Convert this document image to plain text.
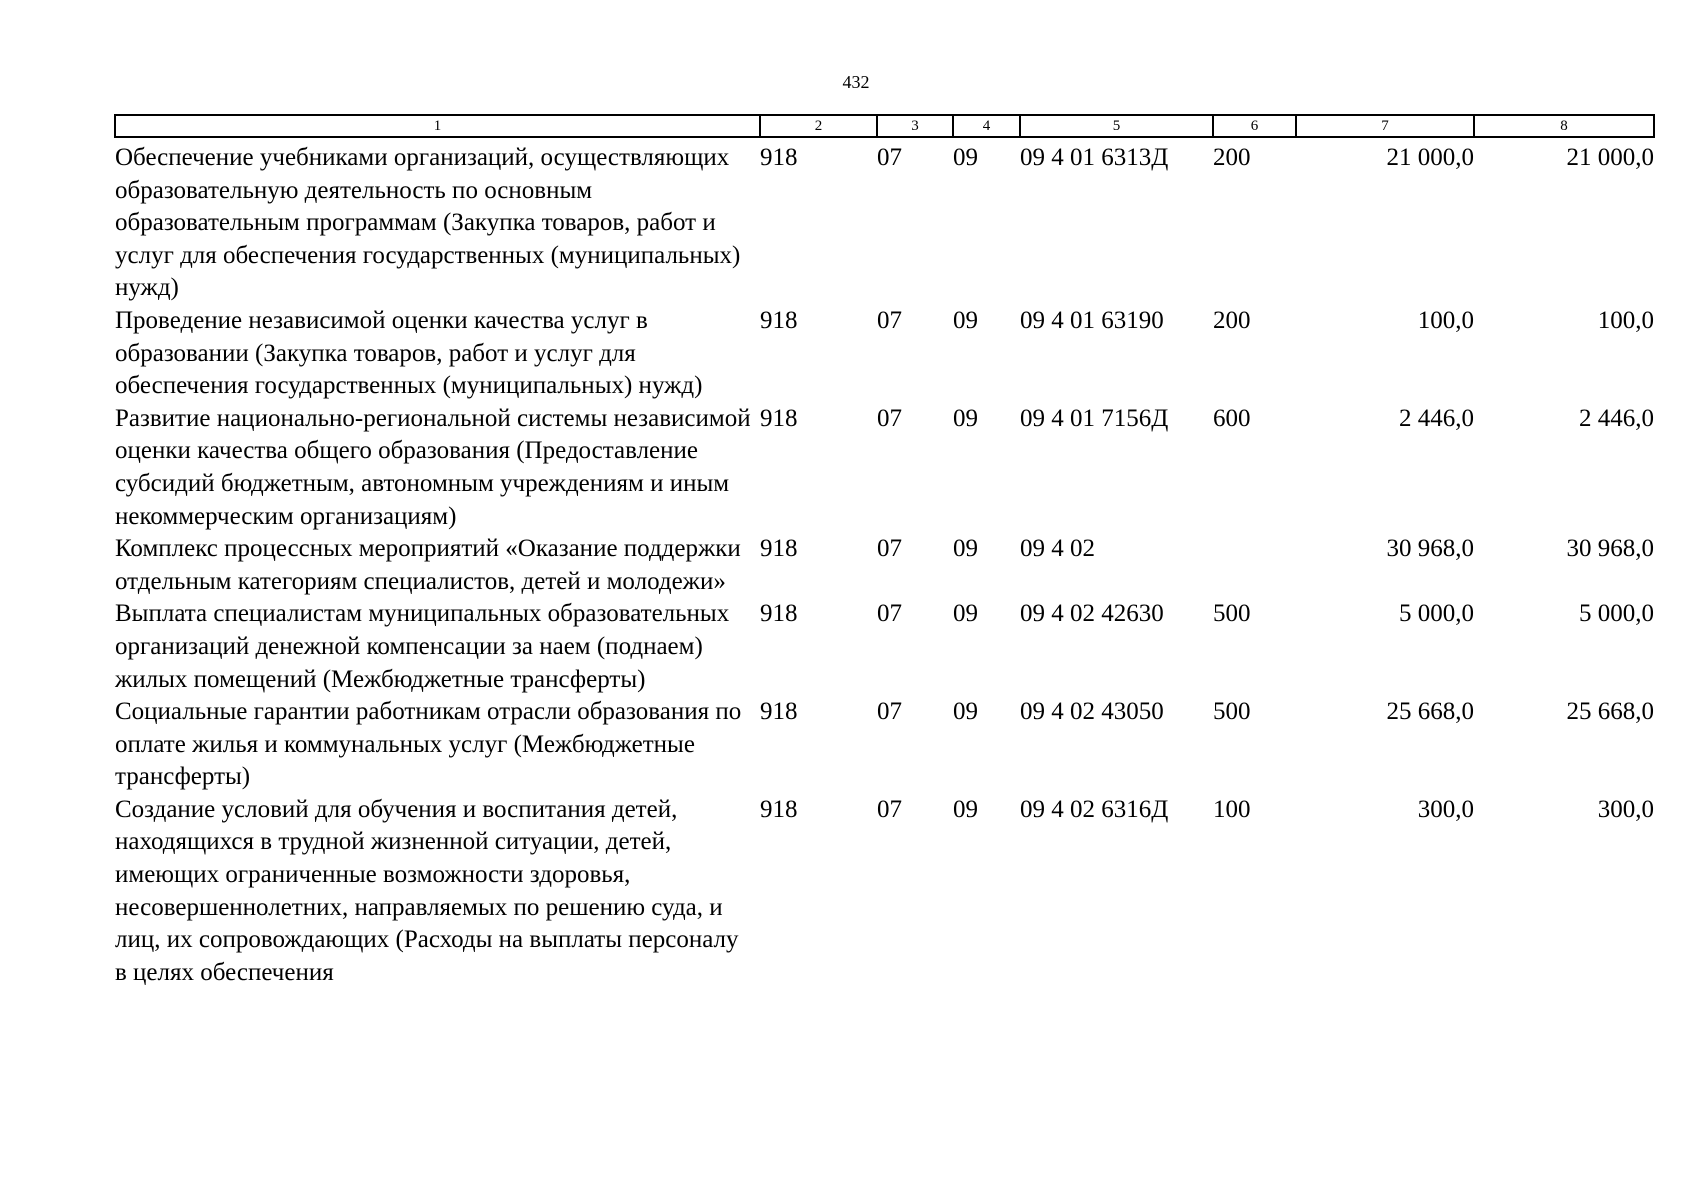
432
1	2	3	4	5	6	7	8
Обеспечение учебниками организаций, осуществляющих образовательную деятельность по основным образовательным программам (Закупка товаров, работ и услуг для обеспечения государственных (муниципальных) нужд)	918	07	09	09 4 01 6313Д	200	21 000,0	21 000,0
Проведение независимой оценки качества услуг в образовании (Закупка товаров, работ и услуг для обеспечения государственных (муниципальных) нужд)	918	07	09	09 4 01 63190	200	100,0	100,0
Развитие национально-региональной системы независимой оценки качества общего образования (Предоставление субсидий бюджетным, автономным учреждениям и иным некоммерческим организациям)	918	07	09	09 4 01 7156Д	600	2 446,0	2 446,0
Комплекс процессных мероприятий «Оказание поддержки отдельным категориям специалистов, детей и молодежи»	918	07	09	09 4 02		30 968,0	30 968,0
Выплата специалистам муниципальных образовательных организаций денежной компенсации за наем (поднаем) жилых помещений (Межбюджетные трансферты)	918	07	09	09 4 02 42630	500	5 000,0	5 000,0
Социальные гарантии работникам отрасли образования по оплате жилья и коммунальных услуг (Межбюджетные трансферты)	918	07	09	09 4 02 43050	500	25 668,0	25 668,0
Создание условий для обучения и воспитания детей, находящихся в трудной жизненной ситуации, детей, имеющих ограниченные возможности здоровья, несовершеннолетних, направляемых по решению суда, и лиц, их сопровождающих (Расходы на выплаты персоналу в целях обеспечения	918	07	09	09 4 02 6316Д	100	300,0	300,0
